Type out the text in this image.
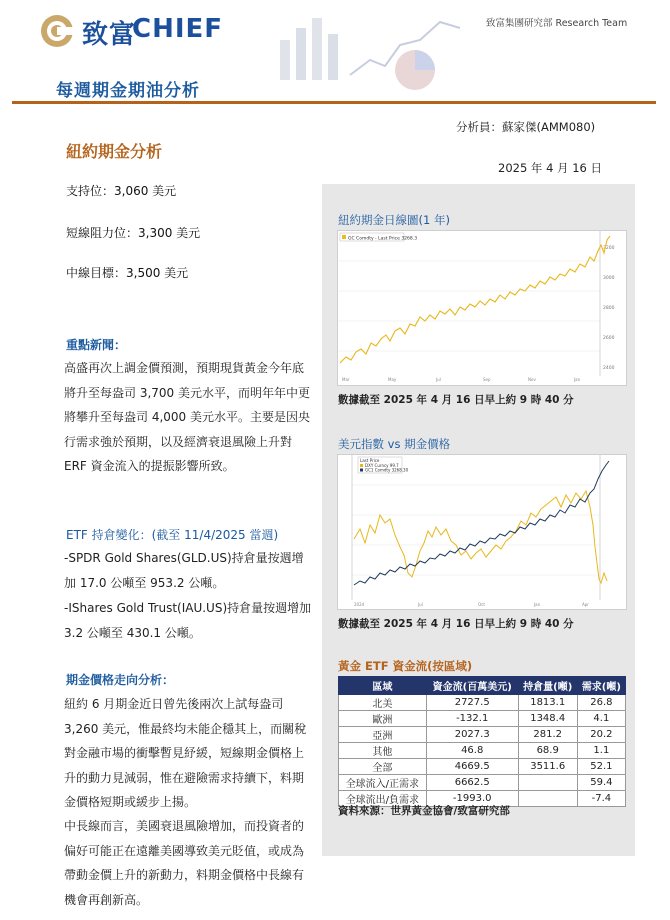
致富
CHIEF	致富集團研究部 Research Team
每週期金期油分析
分析員：蘇家傑(AMM080)
紐約期金分析
2025 年 4 月 16 日
支持位：3,060 美元
短線阻力位：3,300 美元
中線目標：3,500 美元
重點新聞：
高盛再次上調金價預測，預期現貨黃金今年底將升至每盎司 3,700 美元水平，而明年年中更將攀升至每盎司 4,000 美元水平。主要是因央行需求強於預期，以及經濟衰退風險上升對 ERF 資金流入的提振影響所致。
ETF 持倉變化：(截至 11/4/2025 當週)
-SPDR Gold Shares(GLD.US)持倉量按週增加 17.0 公噸至 953.2 公噸。
-IShares Gold Trust(IAU.US)持倉量按週增加 3.2 公噸至 430.1 公噸。
期金價格走向分析：
紐約 6 月期金近日曾先後兩次上試每盎司 3,260 美元，惟最終均未能企穩其上，而關稅對金融市場的衝擊暫見紓緩，短線期金價格上升的動力見減弱，惟在避險需求持續下，料期金價格短期或緩步上揚。
中長線而言，美國衰退風險增加，而投資者的偏好可能正在遠離美國導致美元貶值，或成為帶動金價上升的新動力，料期金價格中長線有機會再創新高。
紐約期金日線圖(1 年)
GC Comdty - Last Price 3268.3
3200
3000
2800
2600
2400
Mar	May	Jul	Sep	Nov	Jan
數據截至 2025 年 4 月 16 日早上約 9 時 40 分
美元指數 vs 期金價格
Last Price
DXY Curncy 99.7
GC1 Comdty 3268.30
2024	Jul	Oct	Jan	Apr
數據截至 2025 年 4 月 16 日早上約 9 時 40 分
黃金 ETF 資金流(按區域)
區域	資金流(百萬美元)	持倉量(噸)	需求(噸)
北美	2727.5	1813.1	26.8
歐洲	-132.1	1348.4	4.1
亞洲	2027.3	281.2	20.2
其他	46.8	68.9	1.1
全部	4669.5	3511.6	52.1
全球流入/正需求	6662.5		59.4
全球流出/負需求	-1993.0		-7.4
資料來源：世界黃金協會/致富研究部
